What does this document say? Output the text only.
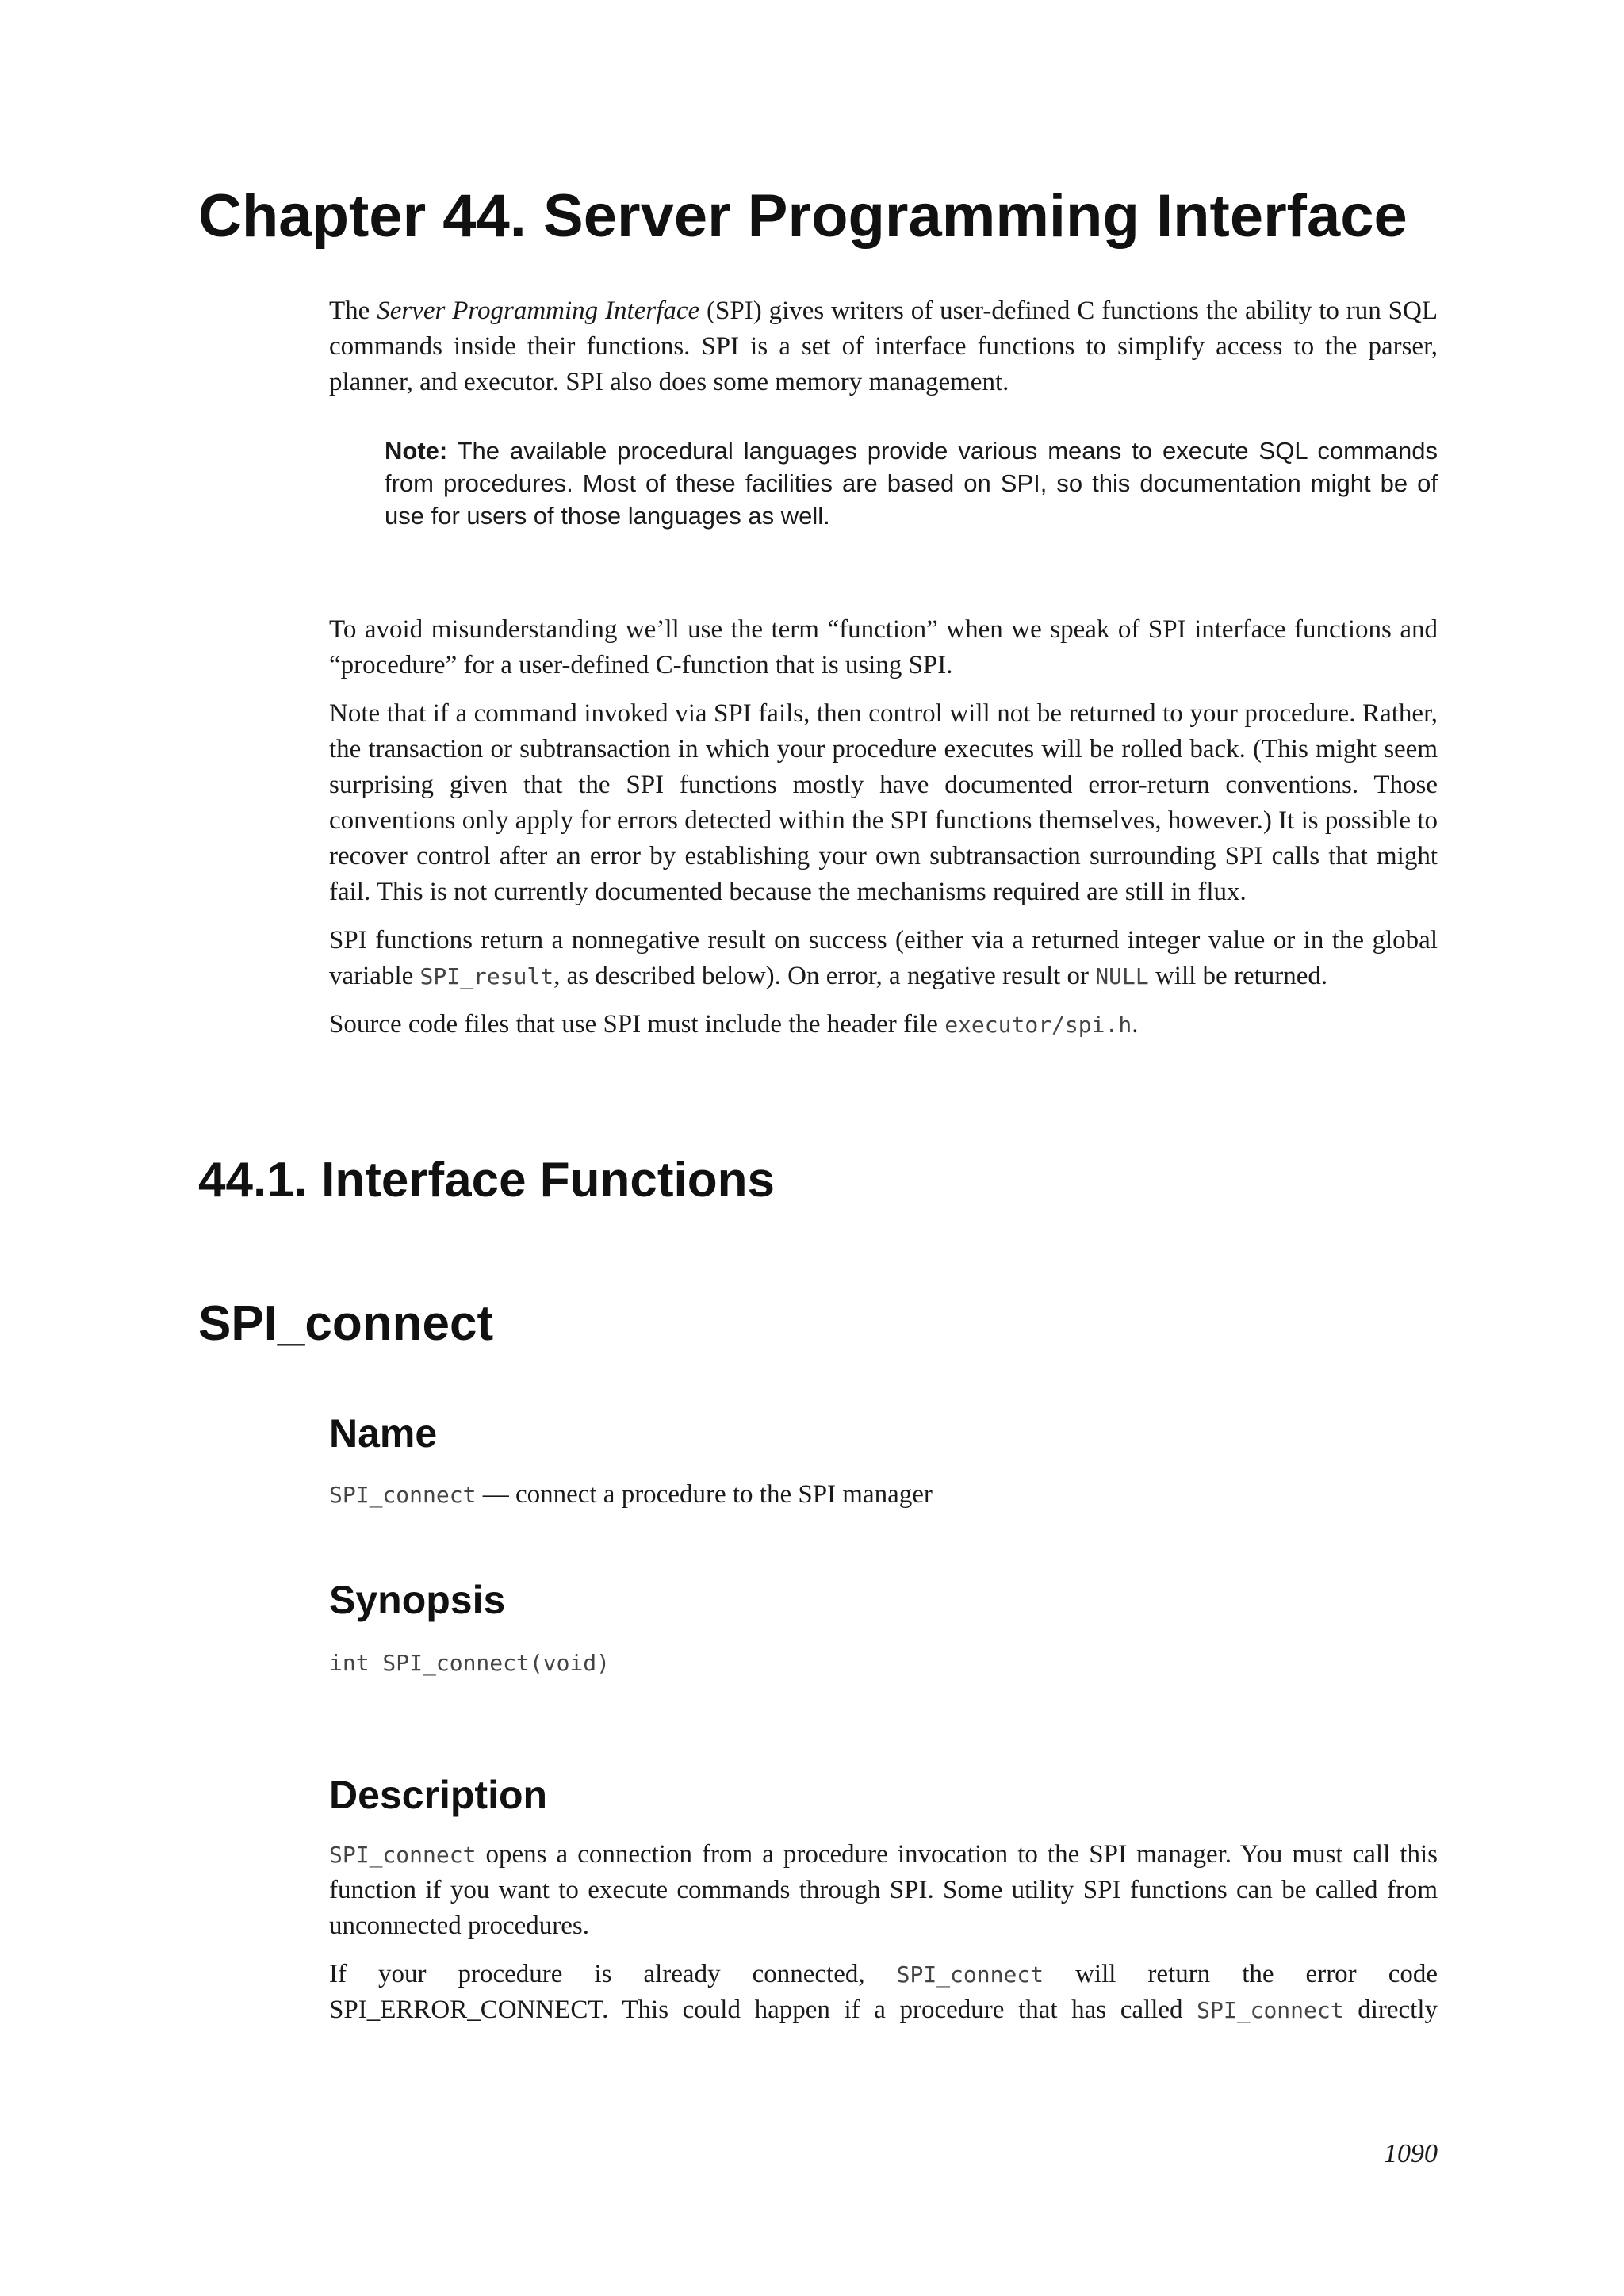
Chapter 44. Server Programming Interface

The Server Programming Interface (SPI) gives writers of user-defined C functions the ability to run SQL commands inside their functions. SPI is a set of interface functions to simplify access to the parser, planner, and executor. SPI also does some memory management.

Note: The available procedural languages provide various means to execute SQL commands from procedures. Most of these facilities are based on SPI, so this documentation might be of use for users of those languages as well.

To avoid misunderstanding we’ll use the term “function” when we speak of SPI interface functions and “procedure” for a user-defined C-function that is using SPI.

Note that if a command invoked via SPI fails, then control will not be returned to your procedure. Rather, the transaction or subtransaction in which your procedure executes will be rolled back. (This might seem surprising given that the SPI functions mostly have documented error-return conventions. Those conventions only apply for errors detected within the SPI functions themselves, however.) It is possible to recover control after an error by establishing your own subtransaction surrounding SPI calls that might fail. This is not currently documented because the mechanisms required are still in flux.

SPI functions return a nonnegative result on success (either via a returned integer value or in the global variable SPI_result, as described below). On error, a negative result or NULL will be returned.

Source code files that use SPI must include the header file executor/spi.h.

44.1. Interface Functions
SPI_connect
Name

SPI_connect — connect a procedure to the SPI manager

Synopsis
int SPI_connect(void)
Description

SPI_connect opens a connection from a procedure invocation to the SPI manager. You must call this function if you want to execute commands through SPI. Some utility SPI functions can be called from unconnected procedures.

If your procedure is already connected, SPI_connect will return the error code SPI_ERROR_CONNECT. This could happen if a procedure that has called SPI_connect directly

1090
